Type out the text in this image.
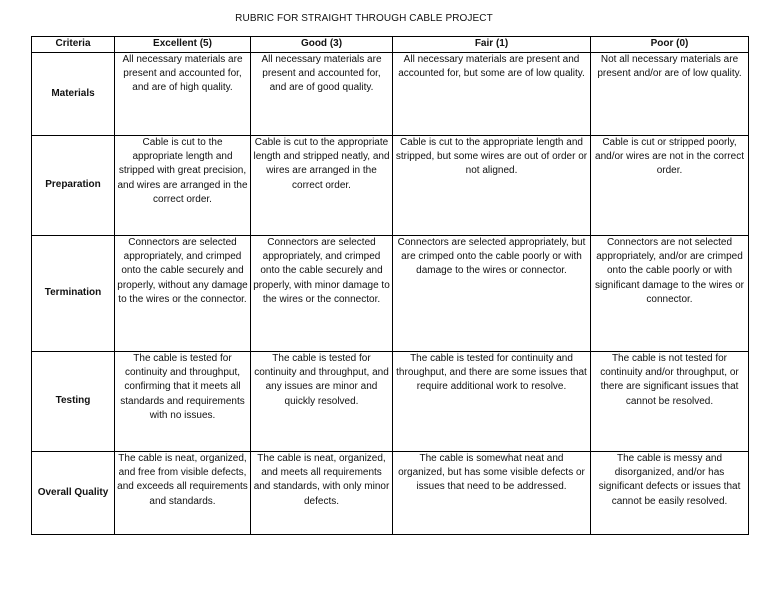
RUBRIC FOR STRAIGHT THROUGH CABLE PROJECT
Criteria	Excellent (5)	Good (3)	Fair (1)	Poor (0)
Materials	All necessary materials are present and accounted for, and are of high quality.	All necessary materials are present and accounted for, and are of good quality.	All necessary materials are present and accounted for, but some are of low quality.	Not all necessary materials are present and/or are of low quality.
Preparation	Cable is cut to the appropriate length and stripped with great precision, and wires are arranged in the correct order.	Cable is cut to the appropriate length and stripped neatly, and wires are arranged in the correct order.	Cable is cut to the appropriate length and stripped, but some wires are out of order or not aligned.	Cable is cut or stripped poorly, and/or wires are not in the correct order.
Termination	Connectors are selected appropriately, and crimped onto the cable securely and properly, without any damage to the wires or the connector.	Connectors are selected appropriately, and crimped onto the cable securely and properly, with minor damage to the wires or the connector.	Connectors are selected appropriately, but are crimped onto the cable poorly or with damage to the wires or connector.	Connectors are not selected appropriately, and/or are crimped onto the cable poorly or with significant damage to the wires or connector.
Testing	The cable is tested for continuity and throughput, confirming that it meets all standards and requirements with no issues.	The cable is tested for continuity and throughput, and any issues are minor and quickly resolved.	The cable is tested for continuity and throughput, and there are some issues that require additional work to resolve.	The cable is not tested for continuity and/or throughput, or there are significant issues that cannot be resolved.
Overall Quality	The cable is neat, organized, and free from visible defects, and exceeds all requirements and standards.	The cable is neat, organized, and meets all requirements and standards, with only minor defects.	The cable is somewhat neat and organized, but has some visible defects or issues that need to be addressed.	The cable is messy and disorganized, and/or has significant defects or issues that cannot be easily resolved.
